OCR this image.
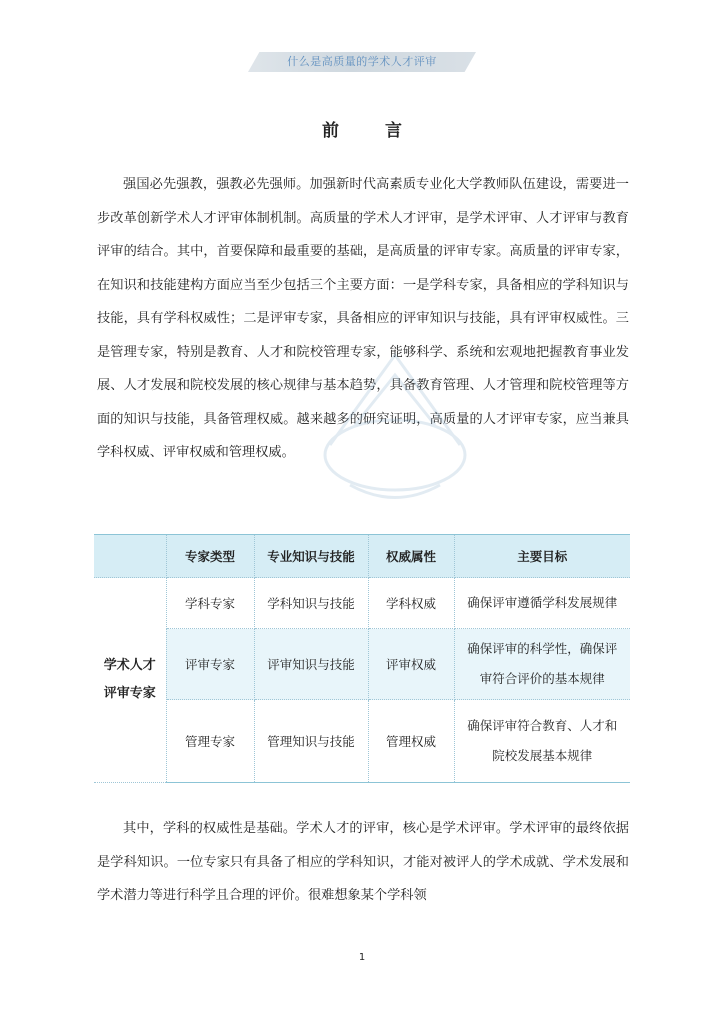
什么是高质量的学术人才评审
前 言

强国必先强教，强教必先强师。加强新时代高素质专业化大学教师队伍建设，需要进一步改革创新学术人才评审体制机制。高质量的学术人才评审，是学术评审、人才评审与教育评审的结合。其中，首要保障和最重要的基础，是高质量的评审专家。高质量的评审专家，在知识和技能建构方面应当至少包括三个主要方面：一是学科专家，具备相应的学科知识与技能，具有学科权威性；二是评审专家，具备相应的评审知识与技能，具有评审权威性。三是管理专家，特别是教育、人才和院校管理专家，能够科学、系统和宏观地把握教育事业发展、人才发展和院校发展的核心规律与基本趋势，具备教育管理、人才管理和院校管理等方面的知识与技能，具备管理权威。越来越多的研究证明，高质量的人才评审专家，应当兼具学科权威、评审权威和管理权威。

	专家类型	专业知识与技能	权威属性	主要目标

学术人才
评审专家	学科专家	学科知识与技能	学科权威	确保评审遵循学科发展规律

	评审专家	评审知识与技能	评审权威	确保评审的科学性，确保评
审符合评价的基本规律

	管理专家	管理知识与技能	管理权威	确保评审符合教育、人才和
院校发展基本规律

其中，学科的权威性是基础。学术人才的评审，核心是学术评审。学术评审的最终依据是学科知识。一位专家只有具备了相应的学科知识，才能对被评人的学术成就、学术发展和学术潜力等进行科学且合理的评价。很难想象某个学科领

1
